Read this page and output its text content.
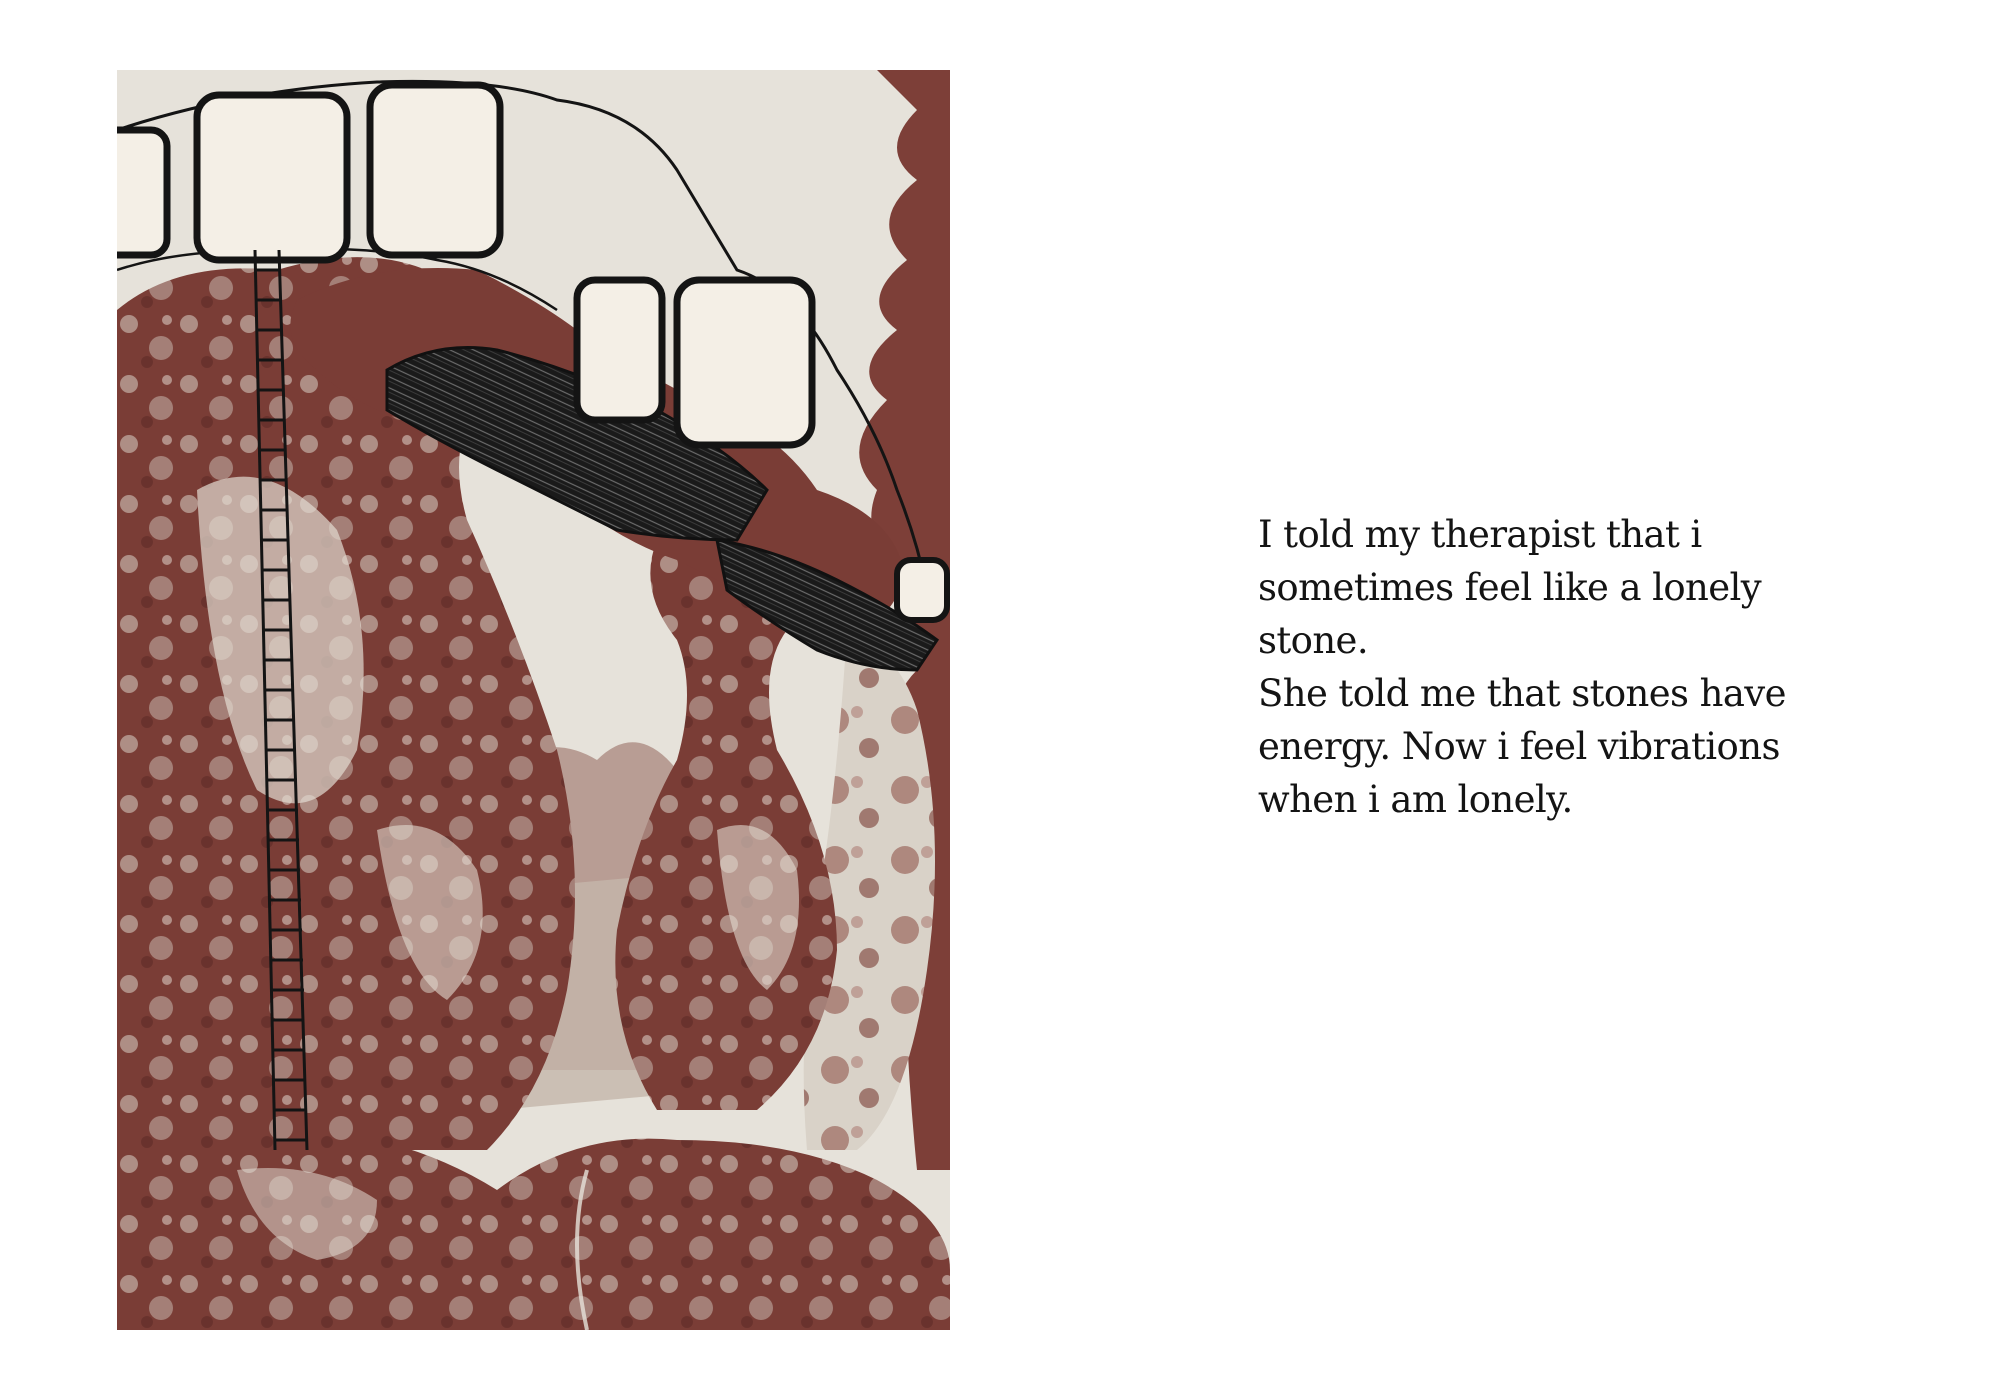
I told my therapist that i
sometimes feel like a lonely
stone.
She told me that stones have
energy. Now i feel vibrations
when i am lonely.
